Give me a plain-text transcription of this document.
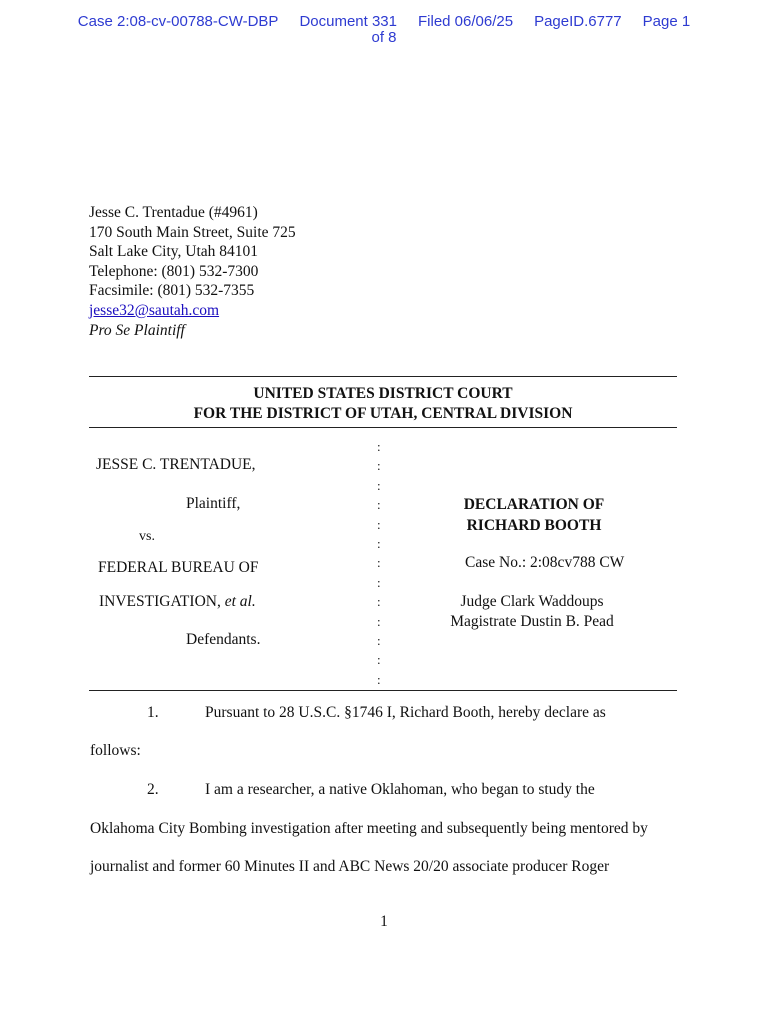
Case 2:08-cv-00788-CW-DBP Document 331 Filed 06/06/25 PageID.6777 Page 1
of 8
Jesse C. Trentadue (#4961)
170 South Main Street, Suite 725
Salt Lake City, Utah 84101
Telephone: (801) 532-7300
Facsimile: (801) 532-7355
jesse32@sautah.com
Pro Se Plaintiff
UNITED STATES DISTRICT COURT
FOR THE DISTRICT OF UTAH, CENTRAL DIVISION
JESSE C. TRENTADUE,
Plaintiff,
vs.
FEDERAL BUREAU OF
INVESTIGATION, et al.
Defendants.
:
:
:
:
:
:
:
:
:
:
:
:
:
DECLARATION OF
RICHARD BOOTH
Case No.: 2:08cv788 CW
Judge Clark Waddoups
Magistrate Dustin B. Pead
1.	Pursuant to 28 U.S.C. §1746 I, Richard Booth, hereby declare as
follows:
2.	I am a researcher, a native Oklahoman, who began to study the
Oklahoma City Bombing investigation after meeting and subsequently being mentored by
journalist and former 60 Minutes II and ABC News 20/20 associate producer Roger
1
